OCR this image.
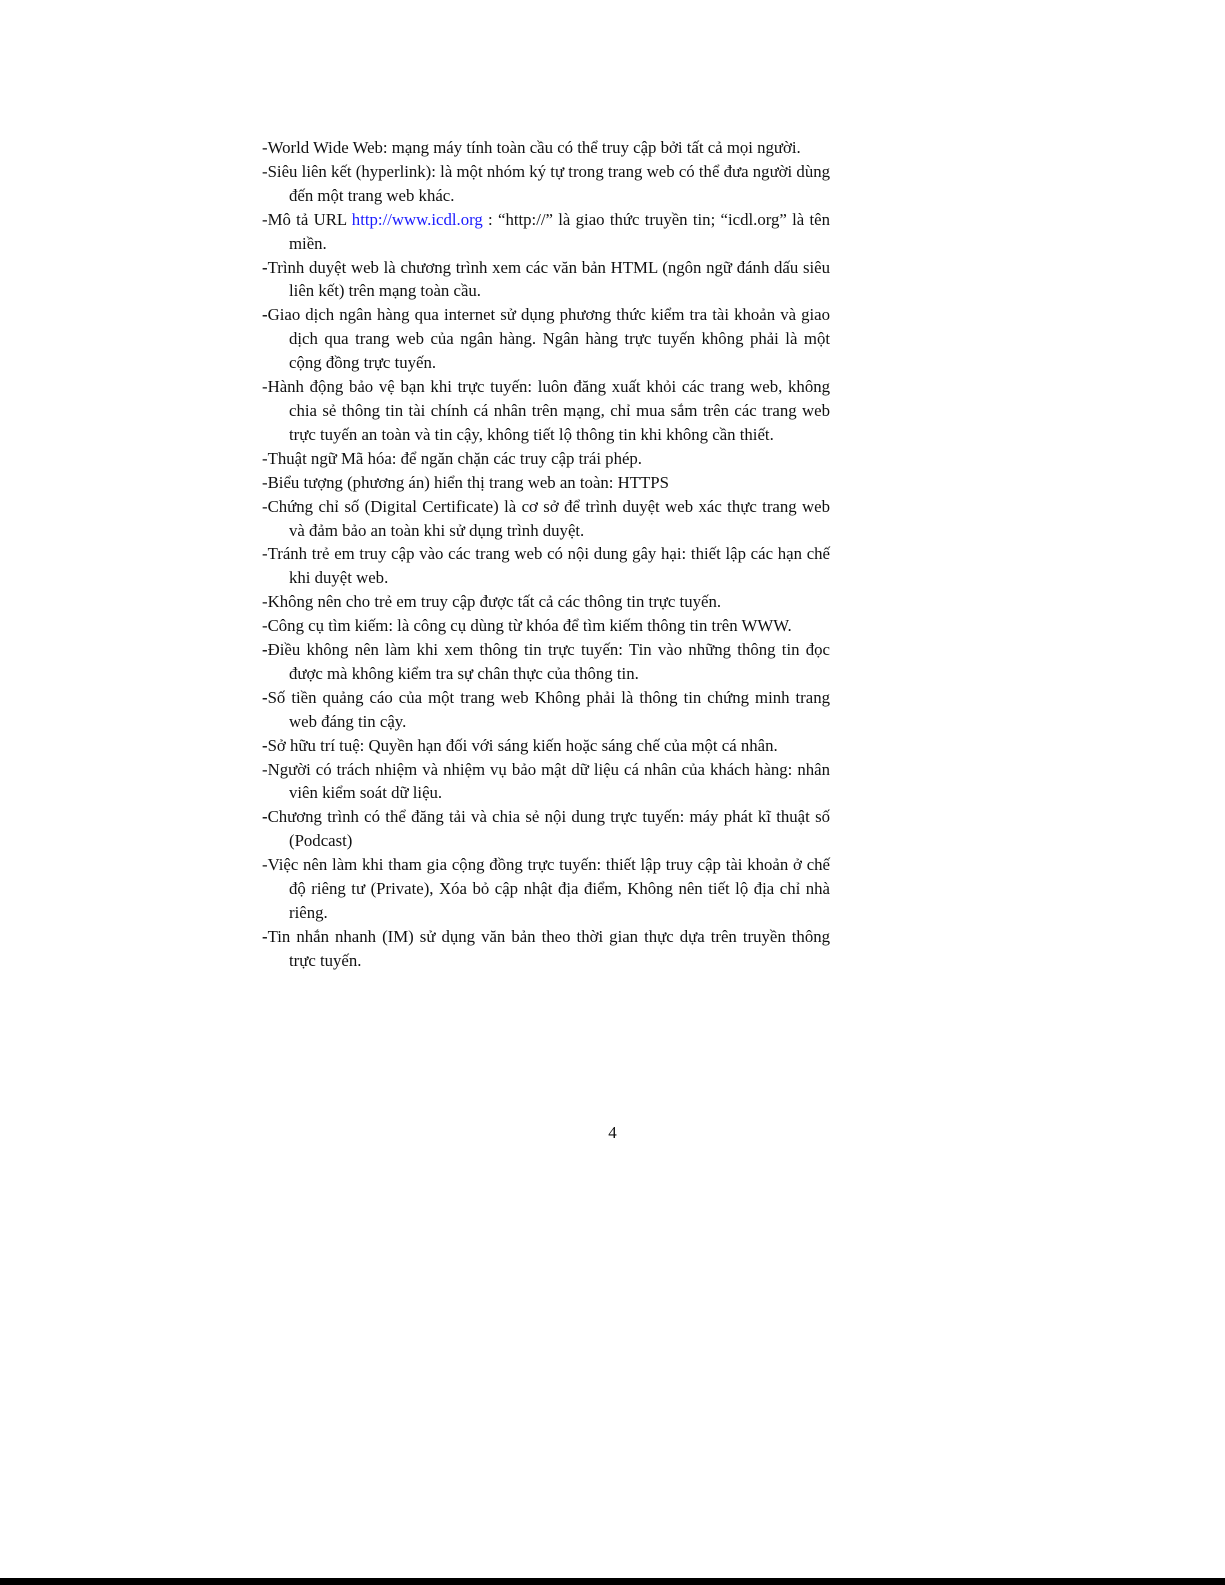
-World Wide Web: mạng máy tính toàn cầu có thể truy cập bởi tất cả mọi người.

-Siêu liên kết (hyperlink): là một nhóm ký tự trong trang web có thể đưa người dùng đến một trang web khác.

-Mô tả URL http://www.icdl.org : “http://” là giao thức truyền tin; “icdl.org” là tên miền.

-Trình duyệt web là chương trình xem các văn bản HTML (ngôn ngữ đánh dấu siêu liên kết) trên mạng toàn cầu.

-Giao dịch ngân hàng qua internet sử dụng phương thức kiểm tra tài khoản và giao dịch qua trang web của ngân hàng. Ngân hàng trực tuyến không phải là một cộng đồng trực tuyến.

-Hành động bảo vệ bạn khi trực tuyến: luôn đăng xuất khỏi các trang web, không chia sẻ thông tin tài chính cá nhân trên mạng, chỉ mua sắm trên các trang web trực tuyến an toàn và tin cậy, không tiết lộ thông tin khi không cần thiết.

-Thuật ngữ Mã hóa: để ngăn chặn các truy cập trái phép.

-Biểu tượng (phương án) hiển thị trang web an toàn: HTTPS

-Chứng chỉ số (Digital Certificate) là cơ sở để trình duyệt web xác thực trang web và đảm bảo an toàn khi sử dụng trình duyệt.

-Tránh trẻ em truy cập vào các trang web có nội dung gây hại: thiết lập các hạn chế khi duyệt web.

-Không nên cho trẻ em truy cập được tất cả các thông tin trực tuyến.

-Công cụ tìm kiếm: là công cụ dùng từ khóa để tìm kiếm thông tin trên WWW.

-Điều không nên làm khi xem thông tin trực tuyến: Tin vào những thông tin đọc được mà không kiểm tra sự chân thực của thông tin.

-Số tiền quảng cáo của một trang web Không phải là thông tin chứng minh trang web đáng tin cậy.

-Sở hữu trí tuệ: Quyền hạn đối với sáng kiến hoặc sáng chế của một cá nhân.

-Người có trách nhiệm và nhiệm vụ bảo mật dữ liệu cá nhân của khách hàng: nhân viên kiểm soát dữ liệu.

-Chương trình có thể đăng tải và chia sẻ nội dung trực tuyến: máy phát kĩ thuật số (Podcast)

-Việc nên làm khi tham gia cộng đồng trực tuyến: thiết lập truy cập tài khoản ở chế độ riêng tư (Private), Xóa bỏ cập nhật địa điểm, Không nên tiết lộ địa chỉ nhà riêng.

-Tin nhắn nhanh (IM) sử dụng văn bản theo thời gian thực dựa trên truyền thông trực tuyến.

4
